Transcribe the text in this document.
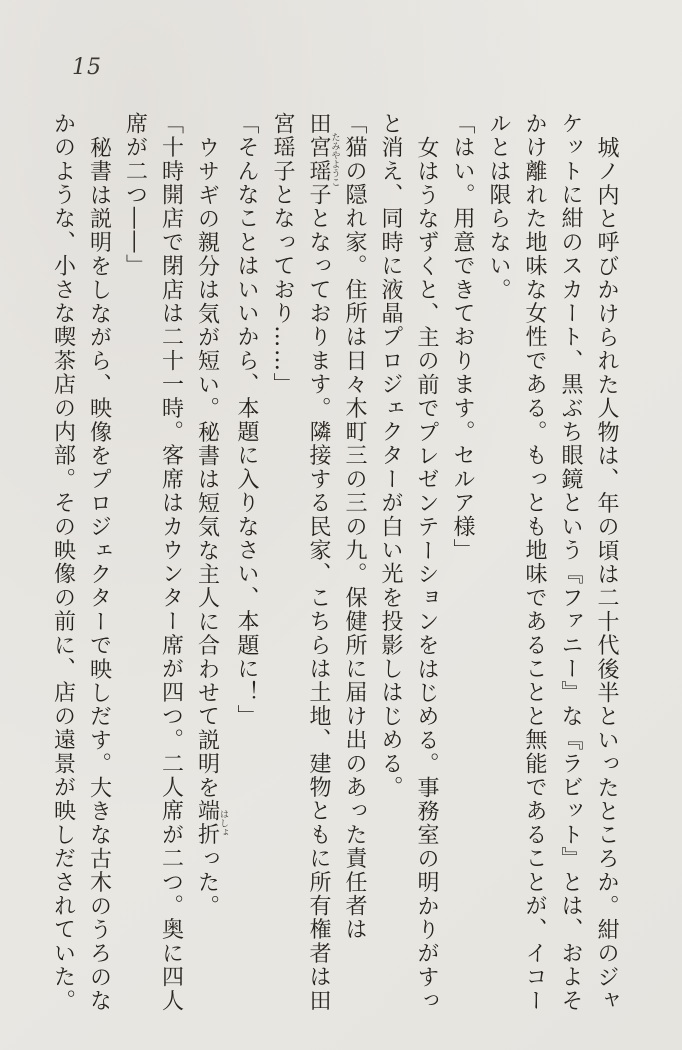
15

城ノ内と呼びかけられた人物は、年の頃は二十代後半といったところか。紺のジャケットに紺のスカート、黒ぶち眼鏡という『ファニー』な『ラビット』とは、およそかけ離れた地味な女性である。もっとも地味であることと無能であることが、イコールとは限らない。

「はい。用意できております。セルア様」

女はうなずくと、主の前でプレゼンテーションをはじめる。事務室の明かりがすっと消え、同時に液晶プロジェクターが白い光を投影しはじめる。

「猫の隠れ家。住所は日々木町三の三の九。保健所に届け出のあった責任者は田宮瑶子たみやようことなっております。隣接する民家、こちらは土地、建物ともに所有権者は田宮瑶子となっており……」

「そんなことはいいから、本題に入りなさい、本題に！」

ウサギの親分は気が短い。秘書は短気な主人に合わせて説明を端折はしょった。

「十時開店で閉店は二十一時。客席はカウンター席が四つ。二人席が二つ。奥に四人席が二つ――」

秘書は説明をしながら、映像をプロジェクターで映しだす。大きな古木のうろのなかのような、小さな喫茶店の内部。その映像の前に、店の遠景が映しだされていた。
